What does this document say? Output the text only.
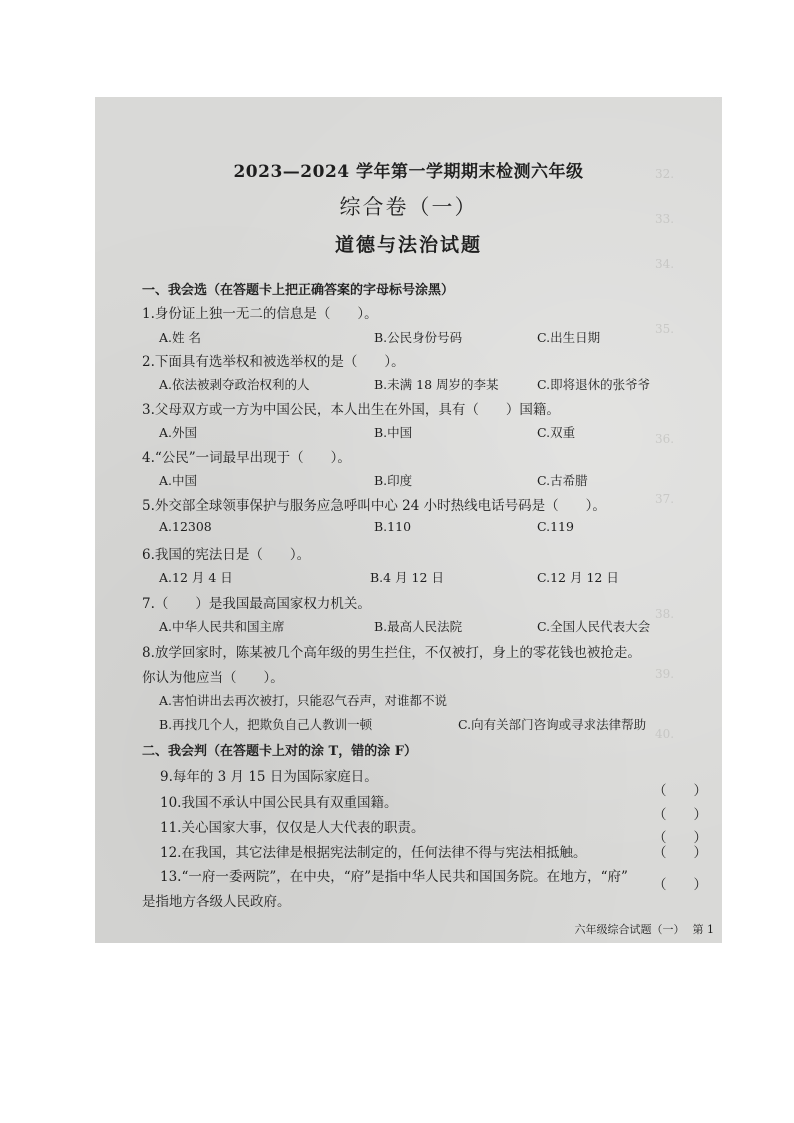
32.
33.
34.
35.
36.
37.
38.
39.
40.
2023—2024 学年第一学期期末检测六年级
综合卷（一）
道德与法治试题
一、我会选（在答题卡上把正确答案的字母标号涂黑）
1.身份证上独一无二的信息是（　　）。
A.姓 名	B.公民身份号码	C.出生日期
2.下面具有选举权和被选举权的是（　　）。
A.依法被剥夺政治权利的人	B.未满 18 周岁的李某	C.即将退休的张爷爷
3.父母双方或一方为中国公民，本人出生在外国，具有（　　）国籍。
A.外国	B.中国	C.双重
4.“公民”一词最早出现于（　　）。
A.中国	B.印度	C.古希腊
5.外交部全球领事保护与服务应急呼叫中心 24 小时热线电话号码是（　　）。
A.12308	B.110	C.119
6.我国的宪法日是（　　）。
A.12 月 4 日	B.4 月 12 日	C.12 月 12 日
7.（　　）是我国最高国家权力机关。
A.中华人民共和国主席	B.最高人民法院	C.全国人民代表大会
8.放学回家时，陈某被几个高年级的男生拦住，不仅被打，身上的零花钱也被抢走。
你认为他应当（　　）。
A.害怕讲出去再次被打，只能忍气吞声，对谁都不说
B.再找几个人，把欺负自己人教训一顿	C.向有关部门咨询或寻求法律帮助
二、我会判（在答题卡上对的涂 T，错的涂 F）
9.每年的 3 月 15 日为国际家庭日。
（　　）
10.我国不承认中国公民具有双重国籍。
（　　）
11.关心国家大事，仅仅是人大代表的职责。
（　　）
12.在我国，其它法律是根据宪法制定的，任何法律不得与宪法相抵触。	（　　）
13.“一府一委两院”，在中央，“府”是指中华人民共和国国务院。在地方，“府” （　　）
是指地方各级人民政府。
六年级综合试题（一） 第 1
